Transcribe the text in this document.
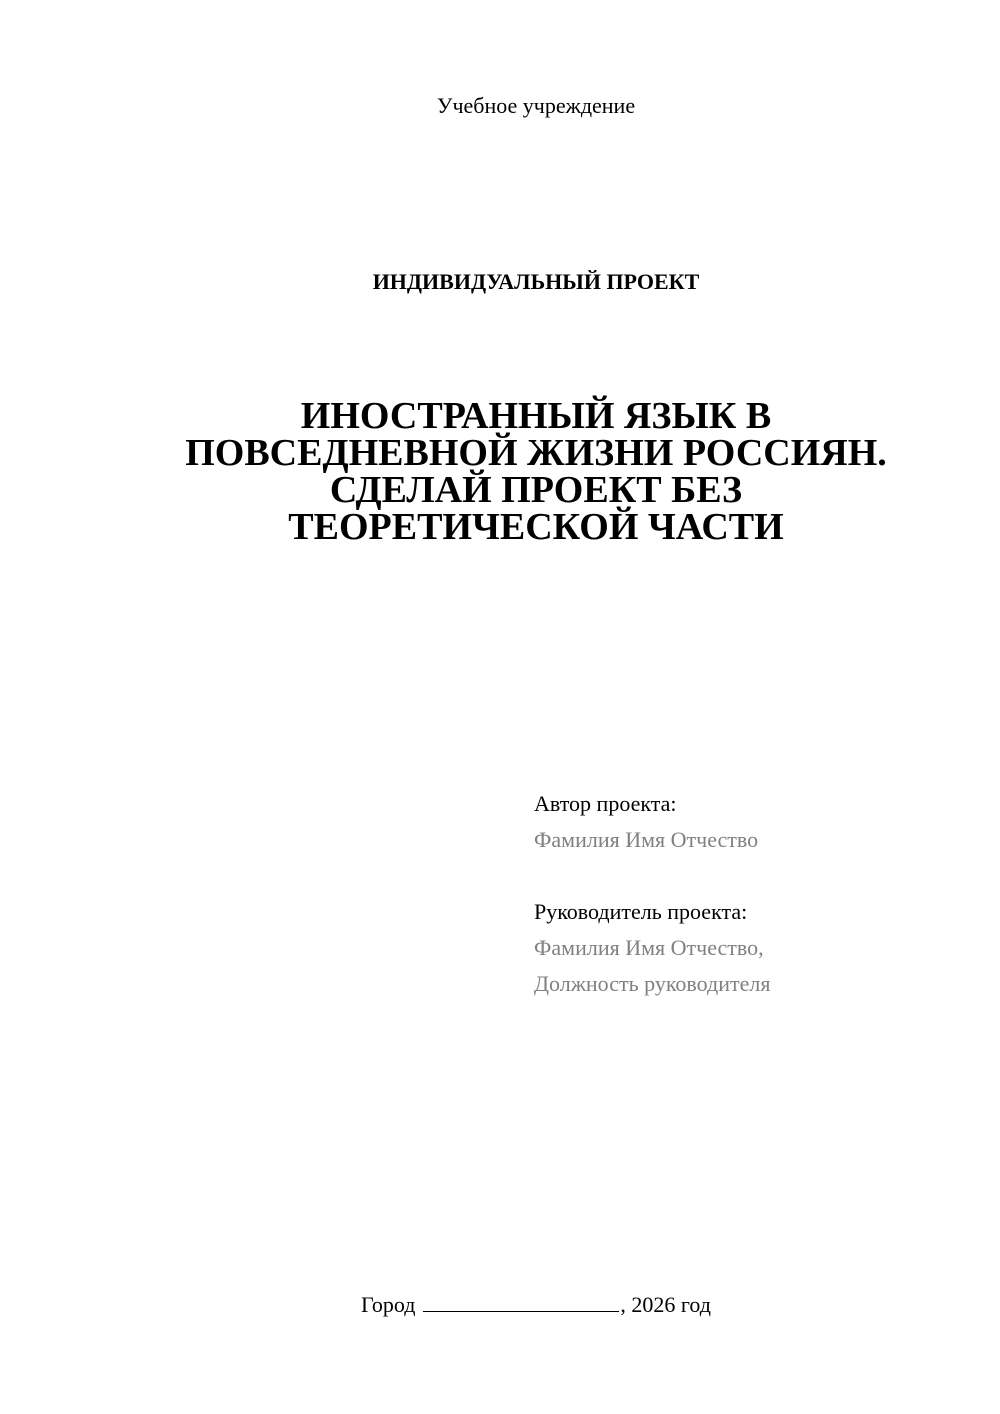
Учебное учреждение
ИНДИВИДУАЛЬНЫЙ ПРОЕКТ
ИНОСТРАННЫЙ ЯЗЫК В
ПОВСЕДНЕВНОЙ ЖИЗНИ РОССИЯН.
СДЕЛАЙ ПРОЕКТ БЕЗ
ТЕОРЕТИЧЕСКОЙ ЧАСТИ
Автор проекта:
Фамилия Имя Отчество
Руководитель проекта:
Фамилия Имя Отчество,
Должность руководителя
Город	, 2026 год
